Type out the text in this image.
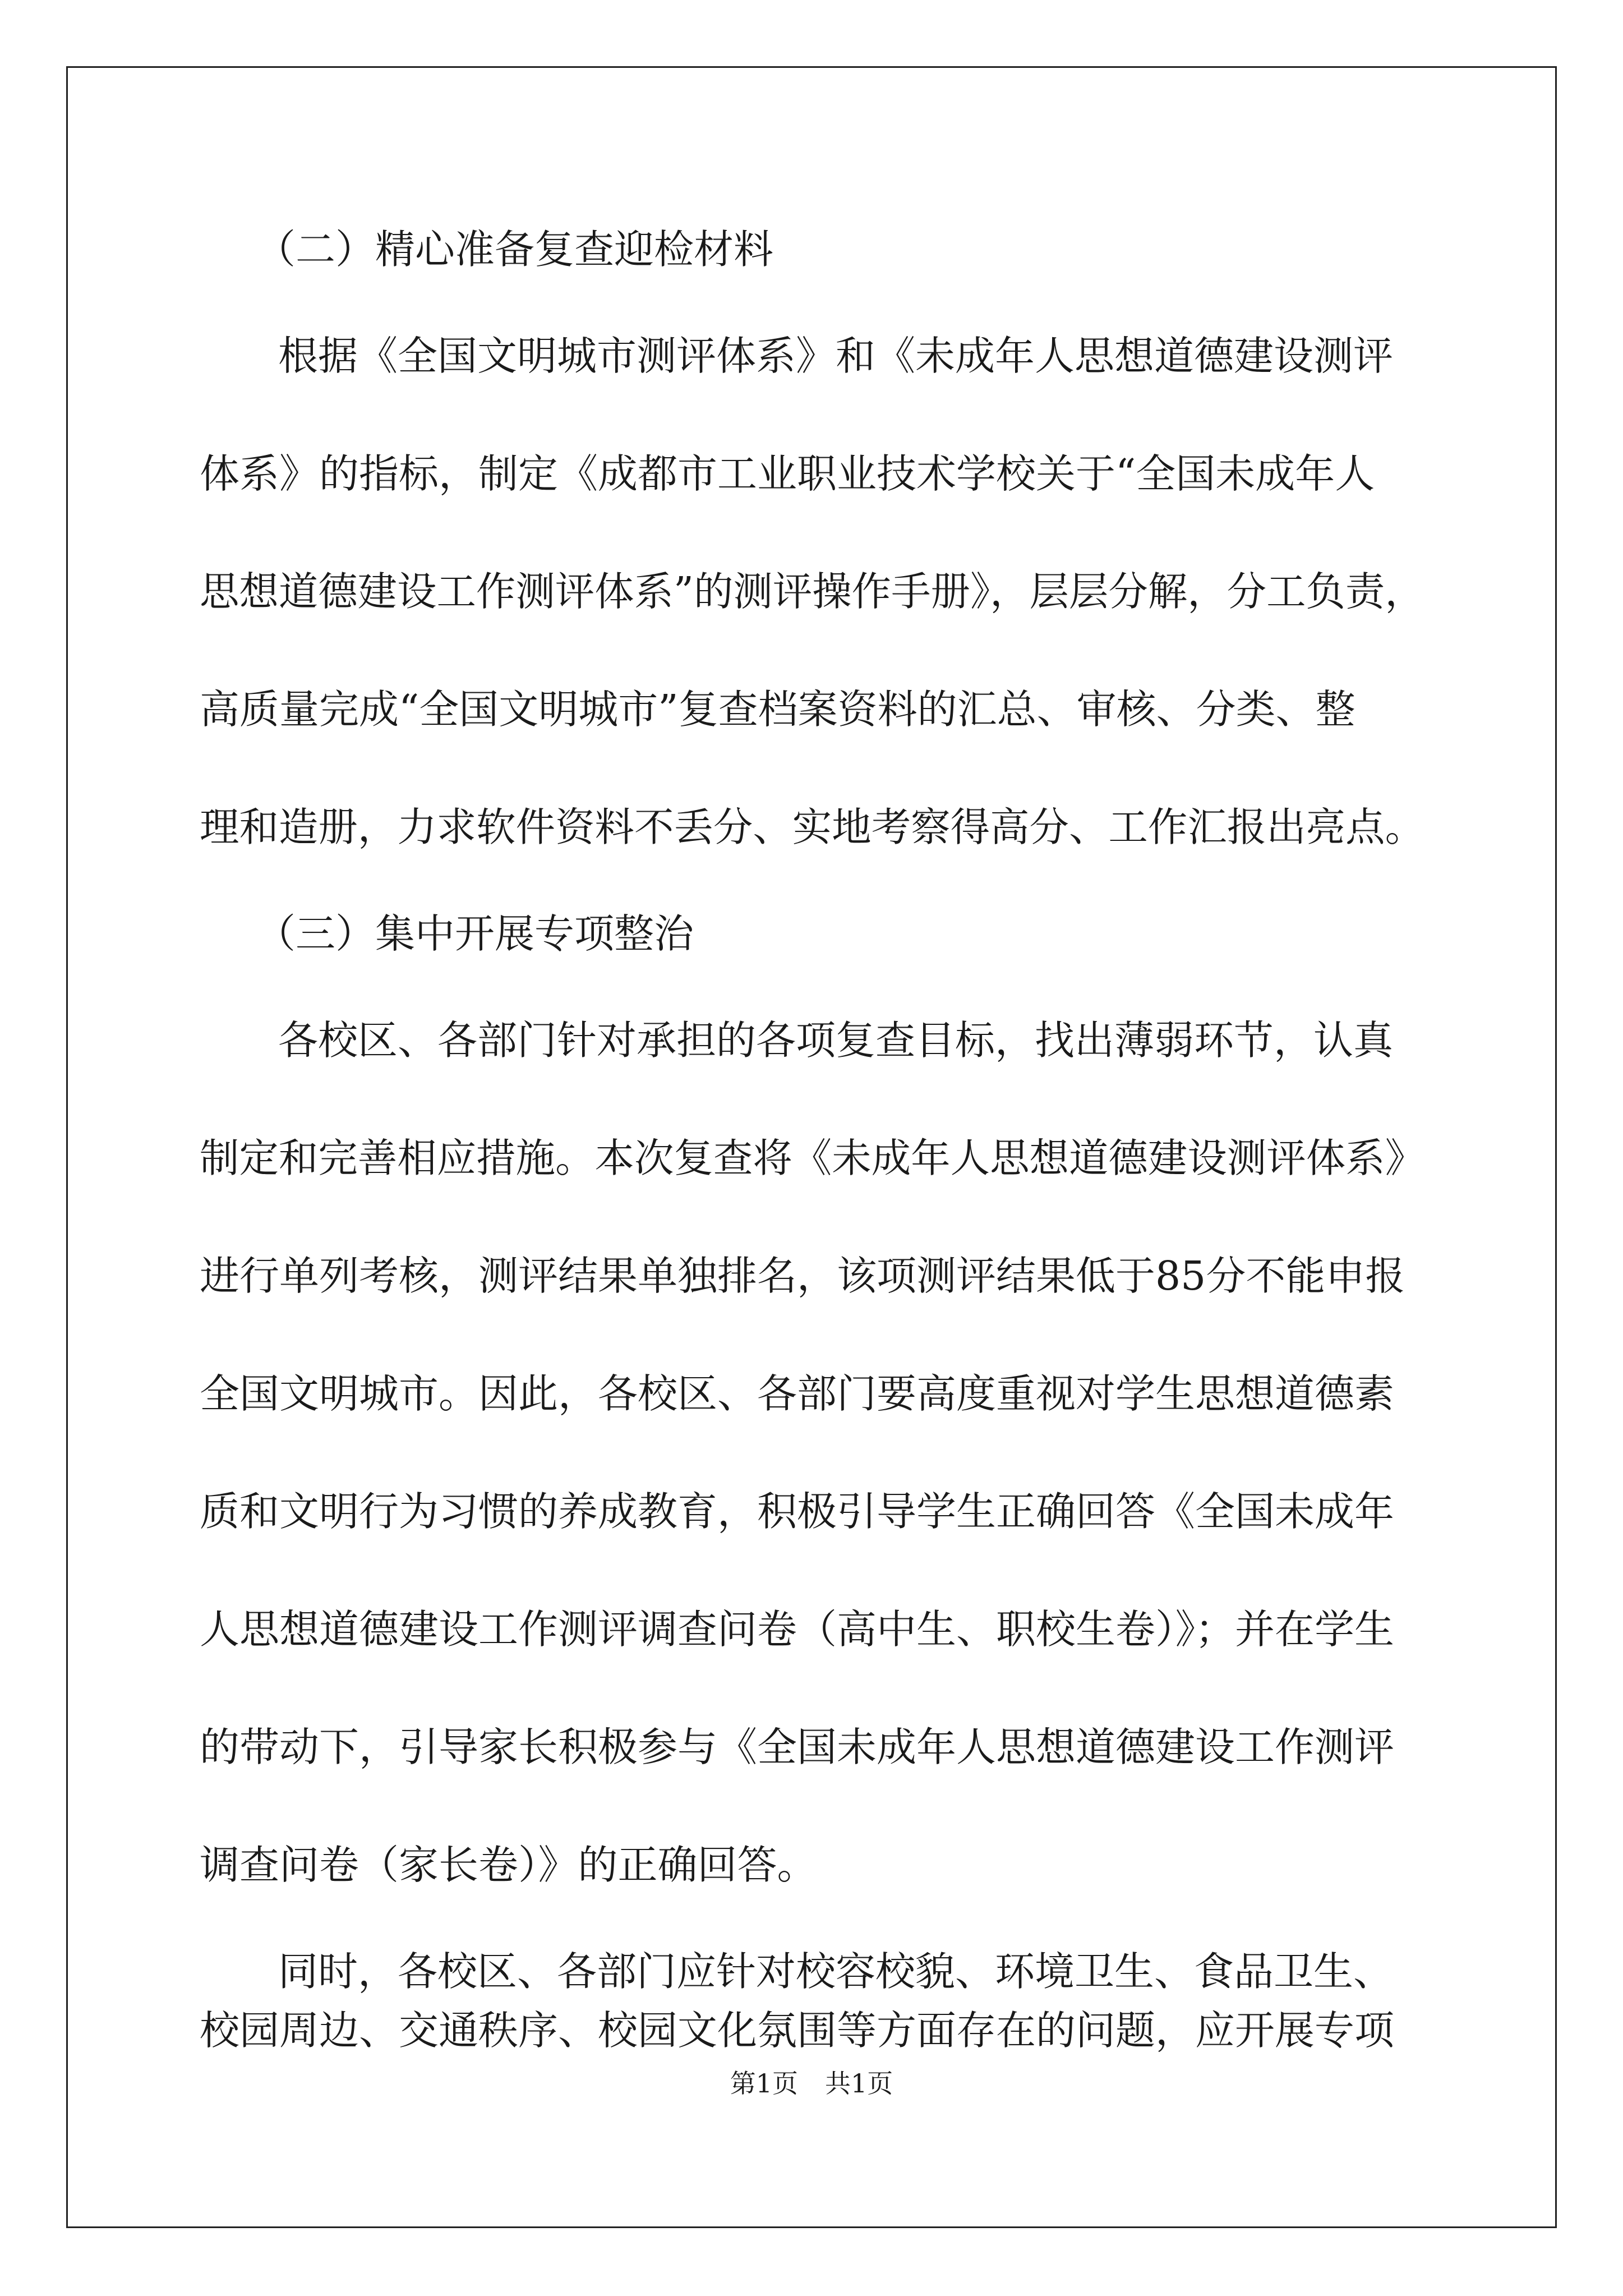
（二）精心准备复查迎检材料
根据《全国文明城市测评体系》和《未成年人思想道德建设测评
体系》的指标，制定《成都市工业职业技术学校关于“全国未成年人
思想道德建设工作测评体系”的测评操作手册》，层层分解，分工负责，
高质量完成“全国文明城市”复查档案资料的汇总、审核、分类、整
理和造册，力求软件资料不丢分、实地考察得高分、工作汇报出亮点。
（三）集中开展专项整治
各校区、各部门针对承担的各项复查目标，找出薄弱环节，认真
制定和完善相应措施。本次复查将《未成年人思想道德建设测评体系》
进行单列考核，测评结果单独排名，该项测评结果低于85分不能申报
全国文明城市。因此，各校区、各部门要高度重视对学生思想道德素
质和文明行为习惯的养成教育，积极引导学生正确回答《全国未成年
人思想道德建设工作测评调查问卷（高中生、职校生卷）》；并在学生
的带动下，引导家长积极参与《全国未成年人思想道德建设工作测评
调查问卷（家长卷）》的正确回答。
同时，各校区、各部门应针对校容校貌、环境卫生、食品卫生、
校园周边、交通秩序、校园文化氛围等方面存在的问题，应开展专项
第1页 共1页
